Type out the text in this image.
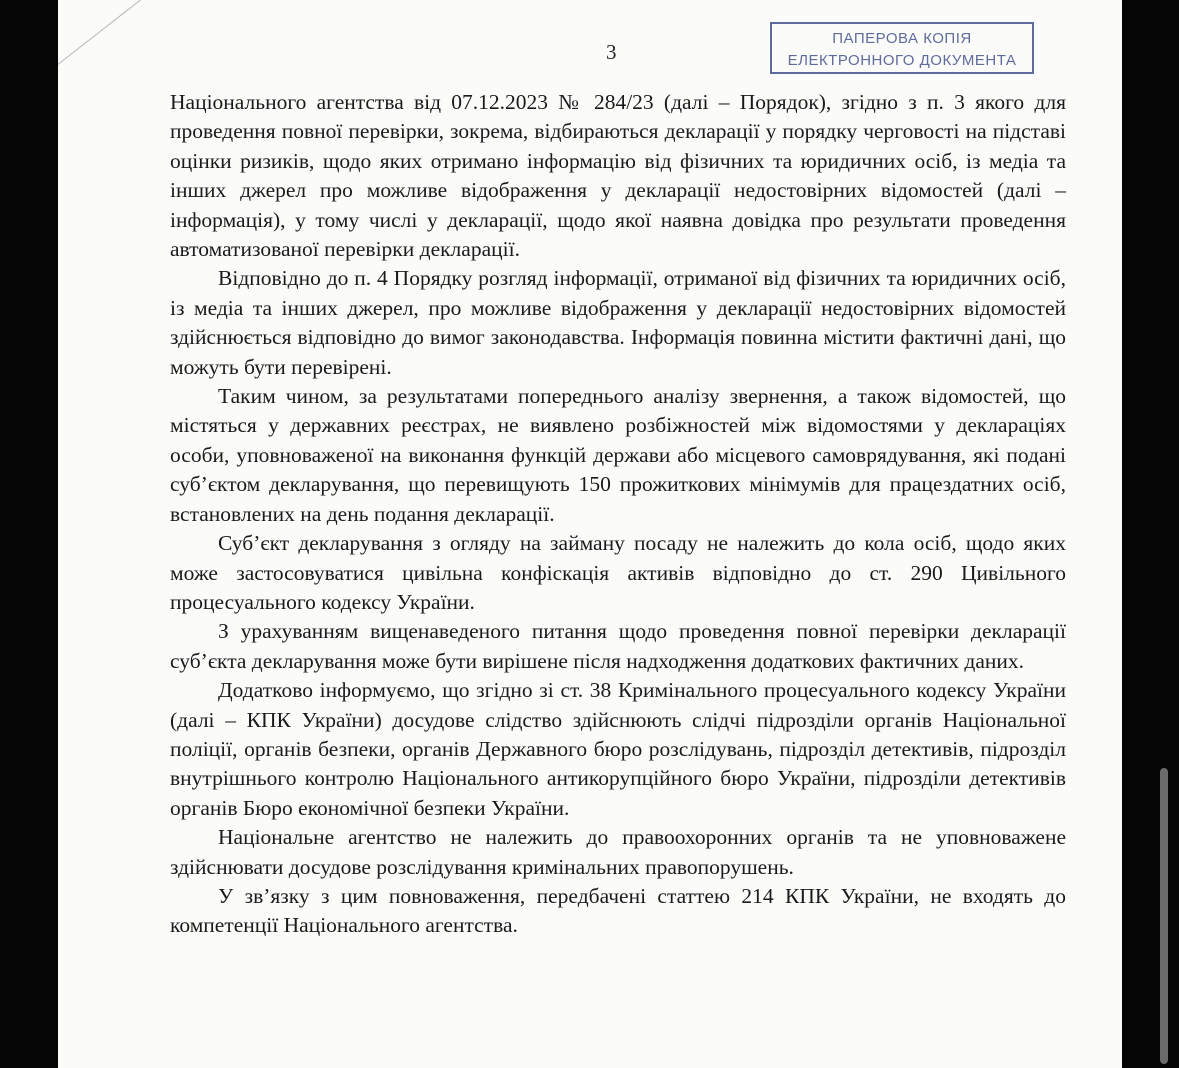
3
ПАПЕРОВА КОПІЯ
ЕЛЕКТРОННОГО ДОКУМЕНТА

Національного агентства від 07.12.2023 № 284/23 (далі – Порядок), згідно з п. 3 якого для проведення повної перевірки, зокрема, відбираються декларації у порядку черговості на підставі оцінки ризиків, щодо яких отримано інформацію від фізичних та юридичних осіб, із медіа та інших джерел про можливе відображення у декларації недостовірних відомостей (далі – інформація), у тому числі у декларації, щодо якої наявна довідка про результати проведення автоматизованої перевірки декларації.

Відповідно до п. 4 Порядку розгляд інформації, отриманої від фізичних та юридичних осіб, із медіа та інших джерел, про можливе відображення у декларації недостовірних відомостей здійснюється відповідно до вимог законодавства. Інформація повинна містити фактичні дані, що можуть бути перевірені.

Таким чином, за результатами попереднього аналізу звернення, а також відомостей, що містяться у державних реєстрах, не виявлено розбіжностей між відомостями у деклараціях особи, уповноваженої на виконання функцій держави або місцевого самоврядування, які подані суб’єктом декларування, що перевищують 150 прожиткових мінімумів для працездатних осіб, встановлених на день подання декларації.

Суб’єкт декларування з огляду на займану посаду не належить до кола осіб, щодо яких може застосовуватися цивільна конфіскація активів відповідно до ст. 290 Цивільного процесуального кодексу України.

З урахуванням вищенаведеного питання щодо проведення повної перевірки декларації суб’єкта декларування може бути вирішене після надходження додаткових фактичних даних.

Додатково інформуємо, що згідно зі ст. 38 Кримінального процесуального кодексу України (далі – КПК України) досудове слідство здійснюють слідчі підрозділи органів Національної поліції, органів безпеки, органів Державного бюро розслідувань, підрозділ детективів, підрозділ внутрішнього контролю Національного антикорупційного бюро України, підрозділи детективів органів Бюро економічної безпеки України.

Національне агентство не належить до правоохоронних органів та не уповноважене здійснювати досудове розслідування кримінальних правопорушень.

У зв’язку з цим повноваження, передбачені статтею 214 КПК України, не входять до компетенції Національного агентства.
